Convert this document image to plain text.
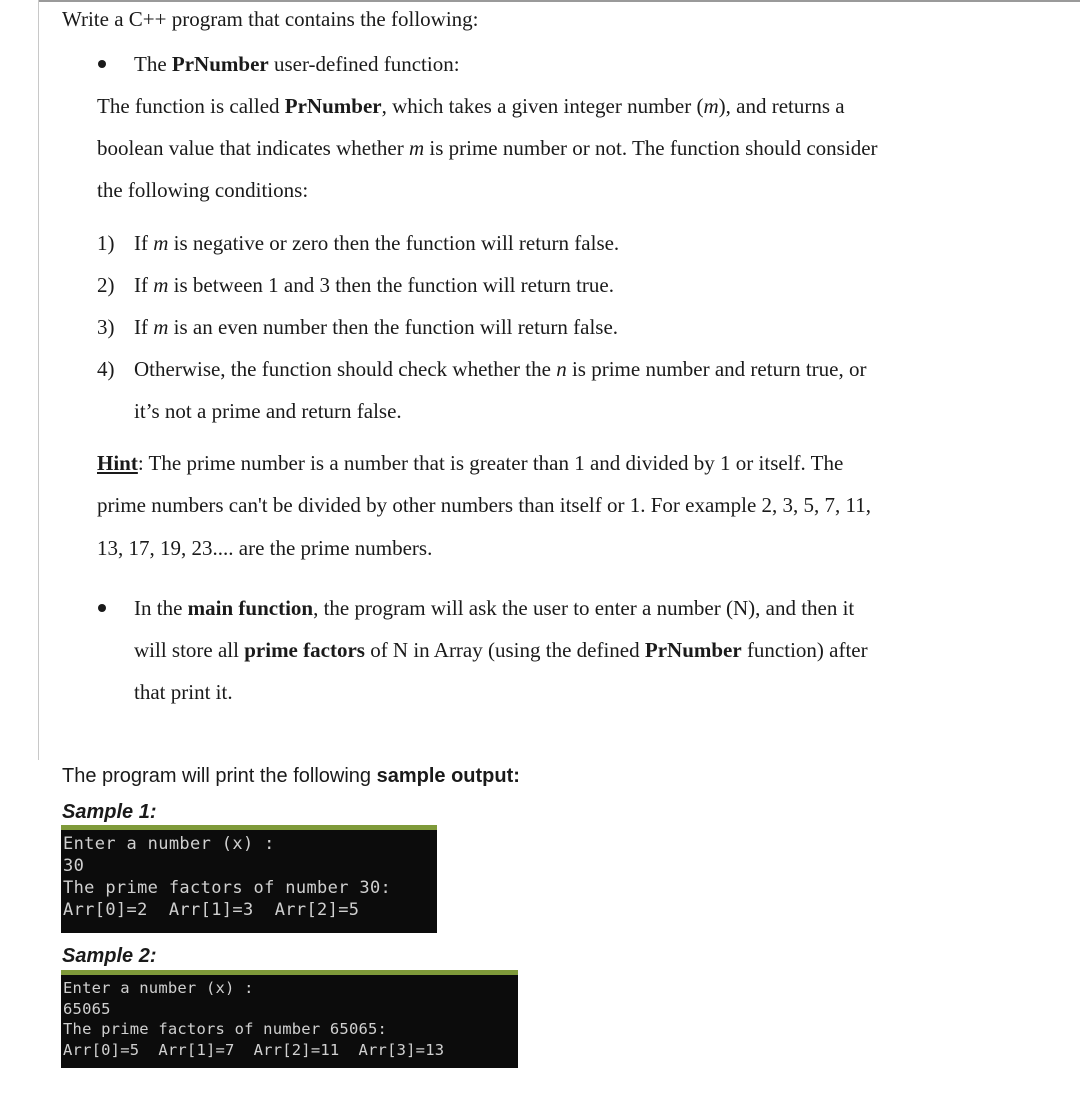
Write a C++ program that contains the following:
The PrNumber user-defined function:
The function is called PrNumber, which takes a given integer number (m), and returns a
boolean value that indicates whether m is prime number or not. The function should consider
the following conditions:
1) If m is negative or zero then the function will return false.
2) If m is between 1 and 3 then the function will return true.
3) If m is an even number then the function will return false.
4) Otherwise, the function should check whether the n is prime number and return true, or
it’s not a prime and return false.
Hint: The prime number is a number that is greater than 1 and divided by 1 or itself. The
prime numbers can't be divided by other numbers than itself or 1. For example 2, 3, 5, 7, 11,
13, 17, 19, 23.... are the prime numbers.
In the main function, the program will ask the user to enter a number (N), and then it
will store all prime factors of N in Array (using the defined PrNumber function) after
that print it.
The program will print the following sample output:
Sample 1:
Enter a number (x) :
30
The prime factors of number 30:
Arr[0]=2  Arr[1]=3  Arr[2]=5
Sample 2:
Enter a number (x) :
65065
The prime factors of number 65065:
Arr[0]=5  Arr[1]=7  Arr[2]=11  Arr[3]=13
